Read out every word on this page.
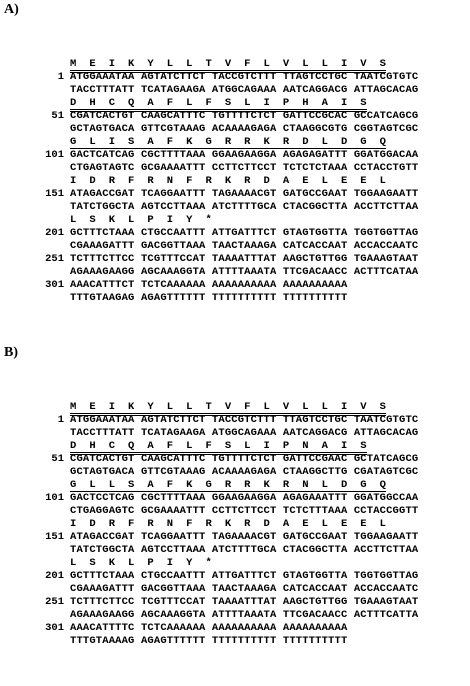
A)
M  E  I  K  Y  L  L  T  V  F  L  V  L  L  I  V  S
1 ATGGAAATAA AGTATCTTCT TACCGTCTTT TTAGTCCTGC TAATCGTGTC
TACCTTTATT TCATAGAAGA ATGGCAGAAA AATCAGGACG ATTAGCACAG
D  H  C  Q  A  F  L  F  S  L  I  P  H  A  I  S
51 CGATCACTGT CAAGCATTTC TGTTTTCTCT GATTCCGCAC GCCATCAGCG
GCTAGTGACA GTTCGTAAAG ACAAAAGAGA CTAAGGCGTG CGGTAGTCGC
G  L  I  S  A  F  K  G  R  R  K  R  D  L  D  G  Q
101 GACTCATCAG CGCTTTTAAA GGAAGAAGGA AGAGAGATTT GGATGGACAA
CTGAGTAGTC GCGAAAATTT CCTTCTTCCT TCTCTCTAAA CCTACCTGTT
I  D  R  F  R  N  F  R  K  R  D  A  E  L  E  E  L
151 ATAGACCGAT TCAGGAATTT TAGAAAACGT GATGCCGAAT TGGAAGAATT
TATCTGGCTA AGTCCTTAAA ATCTTTTGCA CTACGGCTTA ACCTTCTTAA
L  S  K  L  P  I  Y  *
201 GCTTTCTAAA CTGCCAATTT ATTGATTTCT GTAGTGGTTA TGGTGGTTAG
CGAAAGATTT GACGGTTAAA TAACTAAAGA CATCACCAAT ACCACCAATC
251 TCTTTCTTCC TCGTTTCCAT TAAAATTTAT AAGCTGTTGG TGAAAGTAAT
AGAAAGAAGG AGCAAAGGTA ATTTTAAATA TTCGACAACC ACTTTCATAA
301 AAACATTTCT TCTCAAAAAA AAAAAAAAAA AAAAAAAAAA
TTTGTAAGAG AGAGTTTTTT TTTTTTTTTT TTTTTTTTTT
B)
M  E  I  K  Y  L  L  T  V  F  L  V  L  L  I  V  S
1 ATGGAAATAA AGTATCTTCT TACCGTCTTT TTAGTCCTGC TAATCGTGTC
TACCTTTATT TCATAGAAGA ATGGCAGAAA AATCAGGACG ATTAGCACAG
D  H  C  Q  A  F  L  F  S  L  I  P  N  A  I  S
51 CGATCACTGT CAAGCATTTC TGTTTTCTCT GATTCCGAAC GCTATCAGCG
GCTAGTGACA GTTCGTAAAG ACAAAAGAGA CTAAGGCTTG CGATAGTCGC
G  L  L  S  A  F  K  G  R  R  K  R  N  L  D  G  Q
101 GACTCCTCAG CGCTTTTAAA GGAAGAAGGA AGAGAAATTT GGATGGCCAA
CTGAGGAGTC GCGAAAATTT CCTTCTTCCT TCTCTTTAAA CCTACCGGTT
I  D  R  F  R  N  F  R  K  R  D  A  E  L  E  E  L
151 ATAGACCGAT TCAGGAATTT TAGAAAACGT GATGCCGAAT TGGAAGAATT
TATCTGGCTA AGTCCTTAAA ATCTTTTGCA CTACGGCTTA ACCTTCTTAA
L  S  K  L  P  I  Y  *
201 GCTTTCTAAA CTGCCAATTT ATTGATTTCT GTAGTGGTTA TGGTGGTTAG
CGAAAGATTT GACGGTTAAA TAACTAAAGA CATCACCAAT ACCACCAATC
251 TCTTTCTTCC TCGTTTCCAT TAAAATTTAT AAGCTGTTGG TGAAAGTAAT
AGAAAGAAGG AGCAAAGGTA ATTTTAAATA TTCGACAACC ACTTTCATTA
301 AAACATTTTC TCTCAAAAAA AAAAAAAAAA AAAAAAAAAA
TTTGTAAAAG AGAGTTTTTT TTTTTTTTTT TTTTTTTTTT
